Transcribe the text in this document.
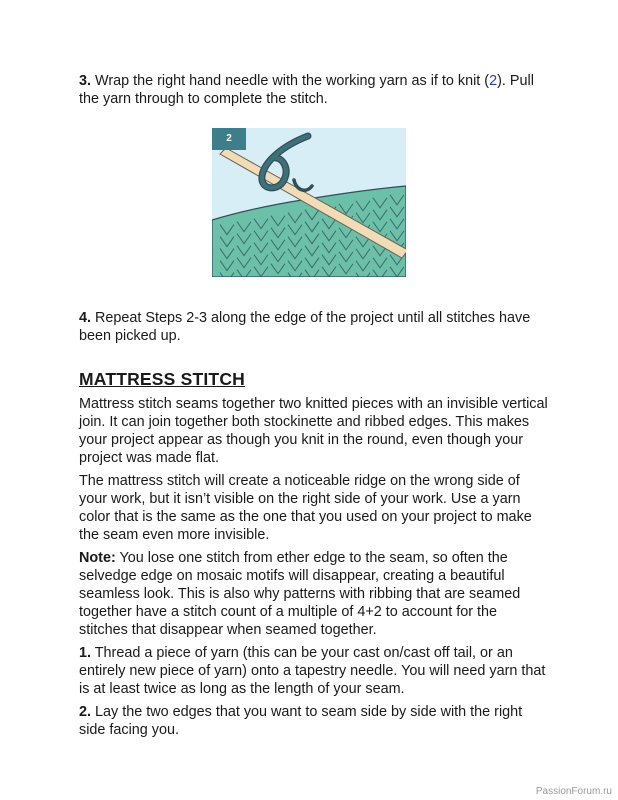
3. Wrap the right hand needle with the working yarn as if to knit (2). Pull the yarn through to complete the stitch.

2

4. Repeat Steps 2-3 along the edge of the project until all stitches have been picked up.

MATTRESS STITCH

Mattress stitch seams together two knitted pieces with an invisible vertical join. It can join together both stockinette and ribbed edges. This makes your project appear as though you knit in the round, even though your project was made flat.

The mattress stitch will create a noticeable ridge on the wrong side of your work, but it isn’t visible on the right side of your work. Use a yarn color that is the same as the one that you used on your project to make the seam even more invisible.

Note: You lose one stitch from ether edge to the seam, so often the selvedge edge on mosaic motifs will disappear, creating a beautiful seamless look. This is also why patterns with ribbing that are seamed together have a stitch count of a multiple of 4+2 to account for the stitches that disappear when seamed together.

1. Thread a piece of yarn (this can be your cast on/cast off tail, or an entirely new piece of yarn) onto a tapestry needle. You will need yarn that is at least twice as long as the length of your seam.

2. Lay the two edges that you want to seam side by side with the right side facing you.

PassionForum.ru
